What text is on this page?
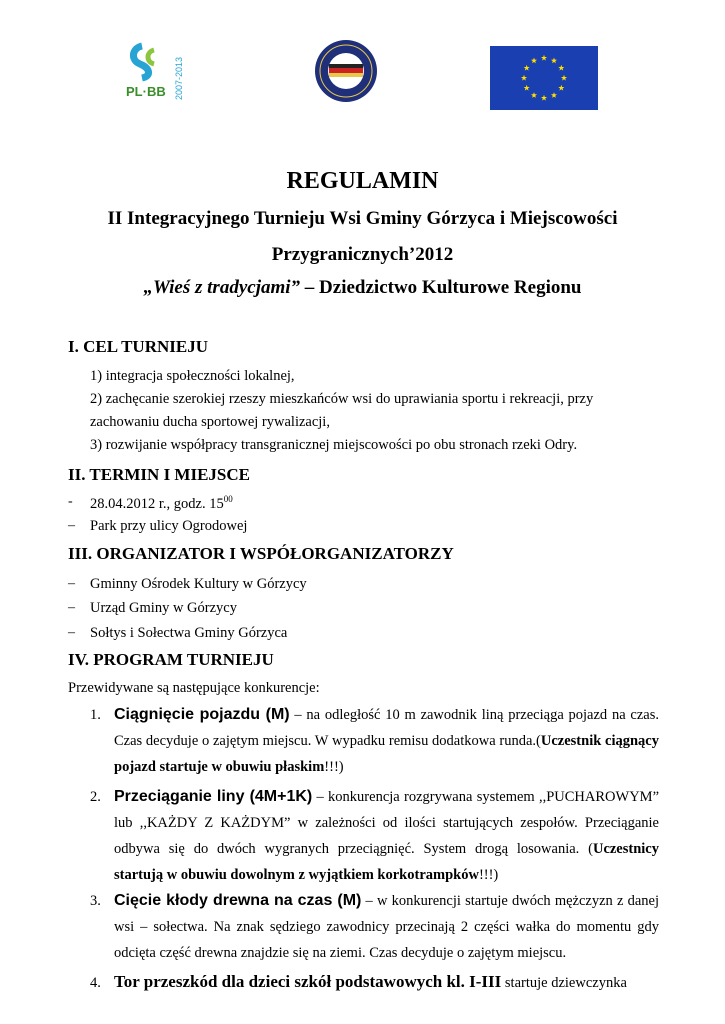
PL·BB 2007-2013
REGULAMIN
II Integracyjnego Turnieju Wsi Gminy Górzyca i Miejscowości
Przygranicznych’2012
„Wieś z tradycjami” – Dziedzictwo Kulturowe Regionu
I. CEL TURNIEJU
1) integracja społeczności lokalnej,
2) zachęcanie szerokiej rzeszy mieszkańców wsi do uprawiania sportu i rekreacji, przy
zachowaniu ducha sportowej rywalizacji,
3) rozwijanie współpracy transgranicznej miejscowości po obu stronach rzeki Odry.
II. TERMIN I MIEJSCE
- 28.04.2012 r., godz. $15^{00}$
– Park przy ulicy Ogrodowej
III. ORGANIZATOR I WSPÓŁORGANIZATORZY
– Gminny Ośrodek Kultury w Górzycy
– Urząd Gminy w Górzycy
– Sołtys i Sołectwa Gminy Górzyca
IV. PROGRAM TURNIEJU
Przewidywane są następujące konkurencje:
1. Ciągnięcie pojazdu (M) – na odległość 10 m zawodnik liną przeciąga pojazd na czas. Czas decyduje o zajętym miejscu. W wypadku remisu dodatkowa runda.(Uczestnik ciągnący pojazd startuje w obuwiu płaskim!!!)
2. Przeciąganie liny (4M+1K) – konkurencja rozgrywana systemem ,,PUCHAROWYM” lub ,,KAŻDY Z KAŻDYM” w zależności od ilości startujących zespołów. Przeciąganie odbywa się do dwóch wygranych przeciągnięć. System drogą losowania. (Uczestnicy startują w obuwiu dowolnym z wyjątkiem korkotrampków!!!)
3. Cięcie kłody drewna na czas (M) – w konkurencji startuje dwóch mężczyzn z danej wsi – sołectwa. Na znak sędziego zawodnicy przecinają 2 części wałka do momentu gdy odcięta część drewna znajdzie się na ziemi. Czas decyduje o zajętym miejscu.
4. Tor przeszkód dla dzieci szkół podstawowych kl. I-III startuje dziewczynka
